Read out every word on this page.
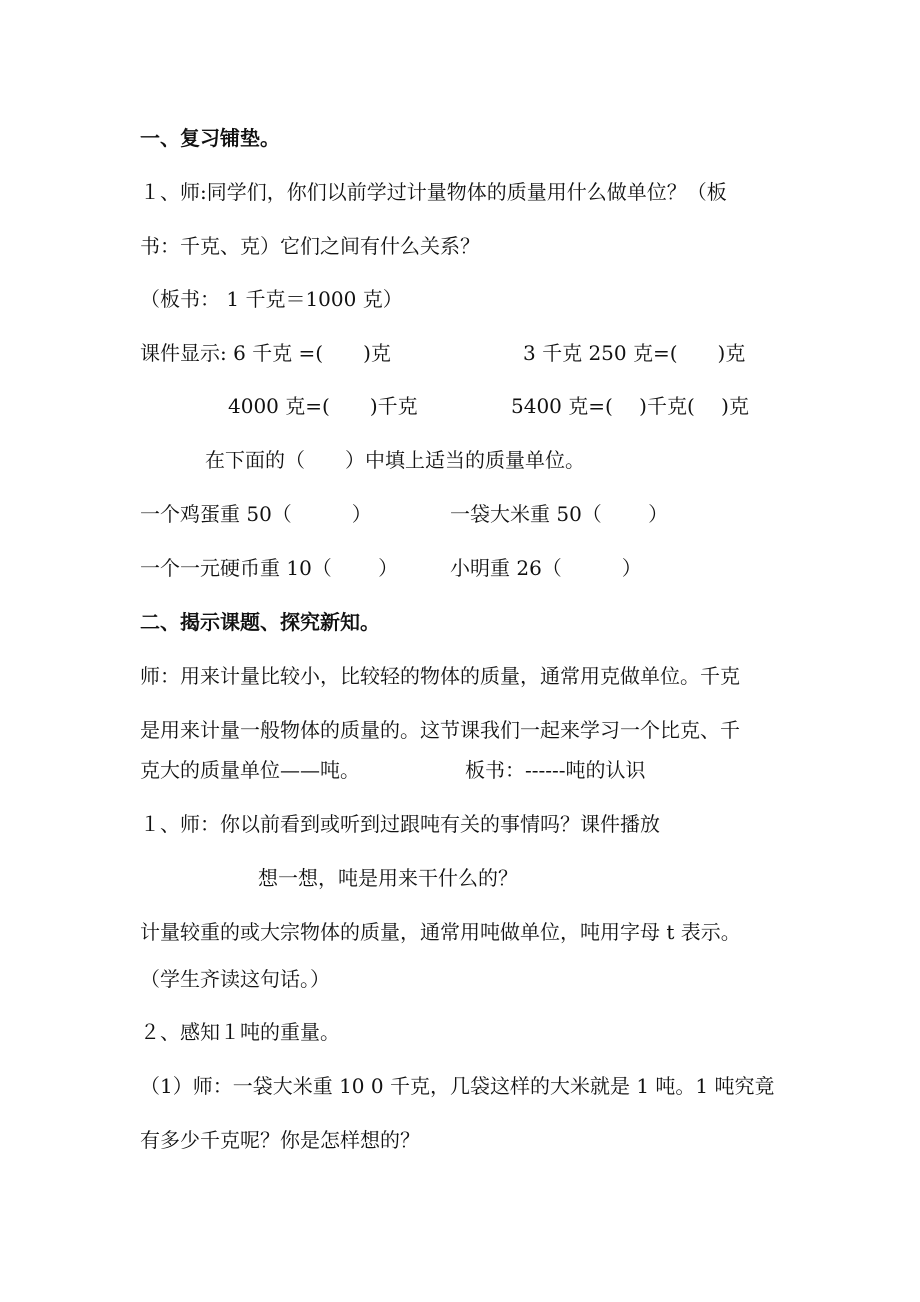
一、复习铺垫。
１、师:同学们，你们以前学过计量物体的质量用什么做单位？（板
书：千克、克）它们之间有什么关系？
（板书： 1 千克＝1000 克）
课件显示: 6 千克 =(　　)克	3 千克 250 克=(　　)克
4000 克=(　　)千克	5400 克=(　 )千克(　 )克
在下面的（　　）中填上适当的质量单位。
一个鸡蛋重 50（　　　）	一袋大米重 50（　　 ）
一个一元硬币重 10（　　 ）	小明重 26（　　　）
二、揭示课题、探究新知。
师：用来计量比较小，比较轻的物体的质量，通常用克做单位。千克
是用来计量一般物体的质量的。这节课我们一起来学习一个比克、千
克大的质量单位——吨。	板书：------吨的认识
１、师：你以前看到或听到过跟吨有关的事情吗？课件播放
想一想，吨是用来干什么的？
计量较重的或大宗物体的质量，通常用吨做单位，吨用字母 t 表示。
（学生齐读这句话。）
２、感知１吨的重量。
（1）师：一袋大米重 10 0 千克，几袋这样的大米就是 1 吨。1 吨究竟
有多少千克呢？你是怎样想的？
